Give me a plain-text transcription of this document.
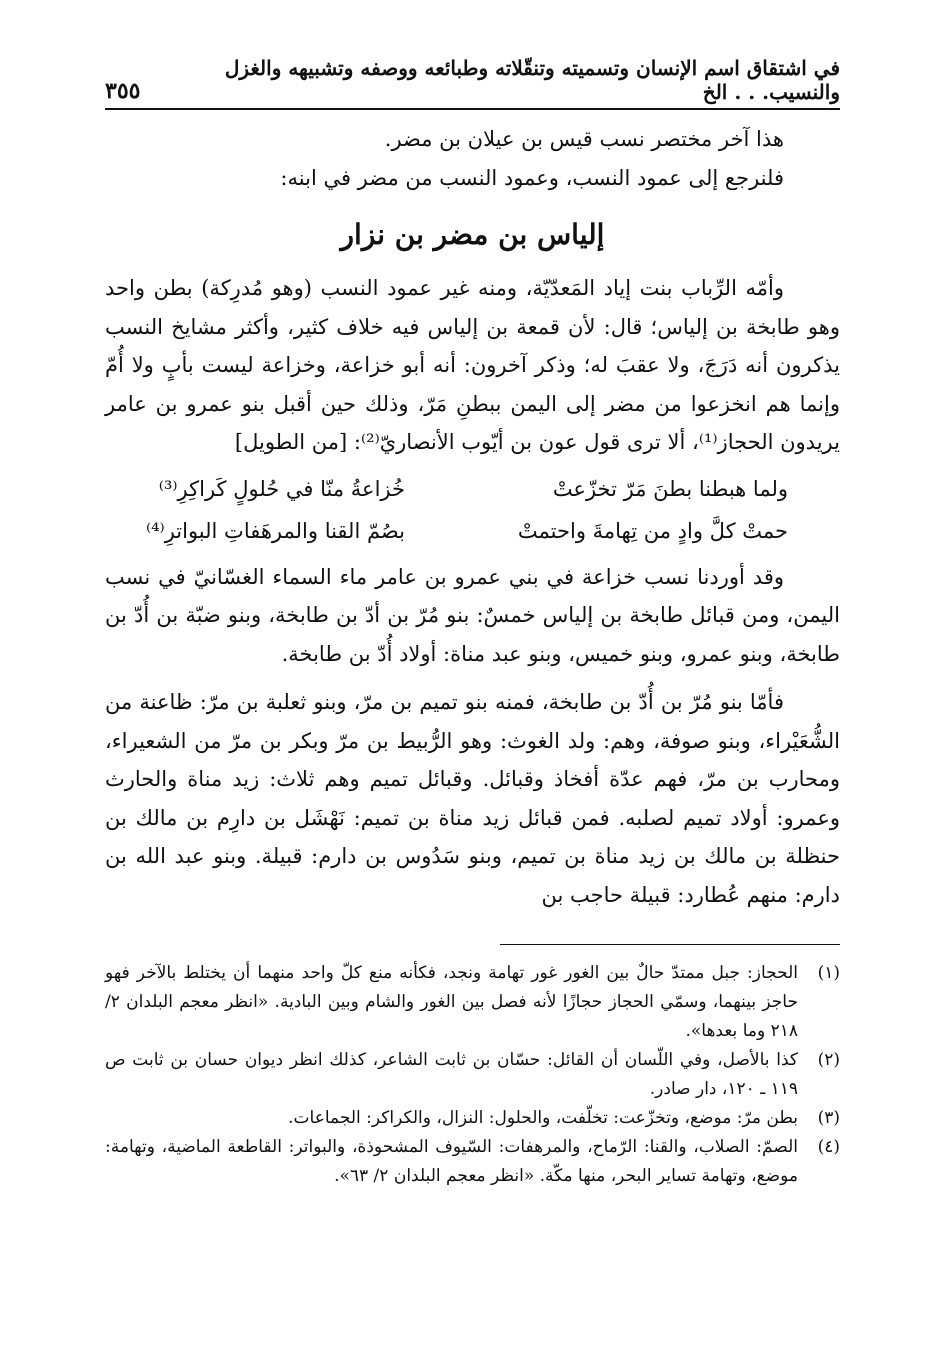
في اشتقاق اسم الإنسان وتسميته وتنقّلاته وطبائعه ووصفه وتشبيهه والغزل والنسيب. . . الخ
٣٥٥

هذا آخر مختصر نسب قيس بن عيلان بن مضر.

فلنرجع إلى عمود النسب، وعمود النسب من مضر في ابنه:

إلياس بن مضر بن نزار

وأمّه الرِّباب بنت إياد المَعدّيّة، ومنه غير عمود النسب (وهو مُدرِكة) بطن واحد وهو طابخة بن إلياس؛ قال: لأن قمعة بن إلياس فيه خلاف كثير، وأكثر مشايخ النسب يذكرون أنه دَرَجَ، ولا عقبَ له؛ وذكر آخرون: أنه أبو خزاعة، وخزاعة ليست بأبٍ ولا أُمّ وإنما هم انخزعوا من مضر إلى اليمن ببطنِ مَرّ، وذلك حين أقبل بنو عمرو بن عامر يريدون الحجاز⁽¹⁾، ألا ترى قول عون بن أيّوب الأنصاريّ⁽²⁾: [من الطويل]

ولما هبطنا بطنَ مَرّ تخزّعتْ
خُزاعةُ منّا في حُلولٍ كَراكِرِ⁽³⁾
حمتْ كلَّ وادٍ من تِهامةَ واحتمتْ
بصُمّ القنا والمرهَفاتِ البواترِ⁽⁴⁾

وقد أوردنا نسب خزاعة في بني عمرو بن عامر ماء السماء الغسّانيّ في نسب اليمن، ومن قبائل طابخة بن إلياس خمسٌ: بنو مُرّ بن أدّ بن طابخة، وبنو ضبّة بن أُدّ بن طابخة، وبنو عمرو، وبنو خميس، وبنو عبد مناة: أولاد أُدّ بن طابخة.

فأمّا بنو مُرّ بن أُدّ بن طابخة، فمنه بنو تميم بن مرّ، وبنو ثعلبة بن مرّ: ظاعنة من الشُّعَيْراء، وبنو صوفة، وهم: ولد الغوث: وهو الرُّبيط بن مرّ وبكر بن مرّ من الشعيراء، ومحارب بن مرّ، فهم عدّة أفخاذ وقبائل. وقبائل تميم وهم ثلاث: زيد مناة والحارث وعمرو: أولاد تميم لصلبه. فمن قبائل زيد مناة بن تميم: نَهْشَل بن دارِم بن مالك بن حنظلة بن مالك بن زيد مناة بن تميم، وبنو سَدُوس بن دارم: قبيلة. وبنو عبد الله بن دارم: منهم عُطارد: قبيلة حاجب بن

(١)
الحجاز: جبل ممتدّ حالٌ بين الغور غور تهامة ونجد، فكأنه منع كلّ واحد منهما أن يختلط بالآخر فهو حاجز بينهما، وسمّي الحجاز حجازًا لأنه فصل بين الغور والشام وبين البادية. «انظر معجم البلدان ٢/ ٢١٨ وما بعدها».
(٢)
كذا بالأصل، وفي اللّسان أن القائل: حسّان بن ثابت الشاعر، كذلك انظر ديوان حسان بن ثابت ص ١١٩ ـ ١٢٠، دار صادر.
(٣)
بطن مرّ: موضع، وتخزّعت: تخلّفت، والحلول: النزال، والكراكر: الجماعات.
(٤)
الصمّ: الصلاب، والقنا: الرّماح، والمرهفات: السّيوف المشحوذة، والبواتر: القاطعة الماضية، وتهامة: موضع، وتهامة تساير البحر، منها مكّة. «انظر معجم البلدان ٢/ ٦٣».
